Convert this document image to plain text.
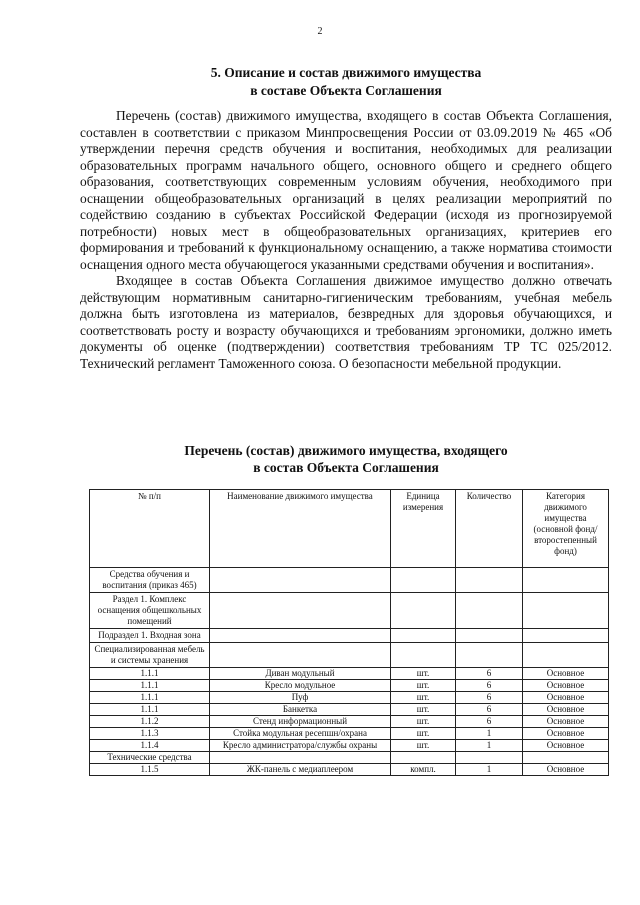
2
5. Описание и состав движимого имущества
в составе Объекта Соглашения

Перечень (состав) движимого имущества, входящего в состав Объекта Соглашения, составлен в соответствии с приказом Минпросвещения России от 03.09.2019 № 465 «Об утверждении перечня средств обучения и воспитания, необходимых для реализации образовательных программ начального общего, основного общего и среднего общего образования, соответствующих современным условиям обучения, необходимого при оснащении общеобразовательных организаций в целях реализации мероприятий по содействию созданию в субъектах Российской Федерации (исходя из прогнозируемой потребности) новых мест в общеобразовательных организациях, критериев его формирования и требований к функциональному оснащению, а также норматива стоимости оснащения одного места обучающегося указанными средствами обучения и воспитания».

Входящее в состав Объекта Соглашения движимое имущество должно отвечать действующим нормативным санитарно-гигиеническим требованиям, учебная мебель должна быть изготовлена из материалов, безвредных для здоровья обучающихся, и соответствовать росту и возрасту обучающихся и требованиям эргономики, должно иметь документы об оценке (подтверждении) соответствия требованиям ТР ТС 025/2012. Технический регламент Таможенного союза. О безопасности мебельной продукции.

Перечень (состав) движимого имущества, входящего
в состав Объекта Соглашения
№ п/п	Наименование движимого имущества	Единица измерения	Количество	Категория движимого имущества (основной фонд/ второстепенный фонд)
Средства обучения и воспитания (приказ 465)				
Раздел 1. Комплекс оснащения общешкольных помещений				
Подраздел 1. Входная зона				
Специализированная мебель и системы хранения				
1.1.1	Диван модульный	шт.	6	Основное
1.1.1	Кресло модульное	шт.	6	Основное
1.1.1	Пуф	шт.	6	Основное
1.1.1	Банкетка	шт.	6	Основное
1.1.2	Стенд информационный	шт.	6	Основное
1.1.3	Стойка модульная ресепшн/охрана	шт.	1	Основное
1.1.4	Кресло администратора/службы охраны	шт.	1	Основное
Технические средства				
1.1.5	ЖК-панель с медиаплеером	компл.	1	Основное
